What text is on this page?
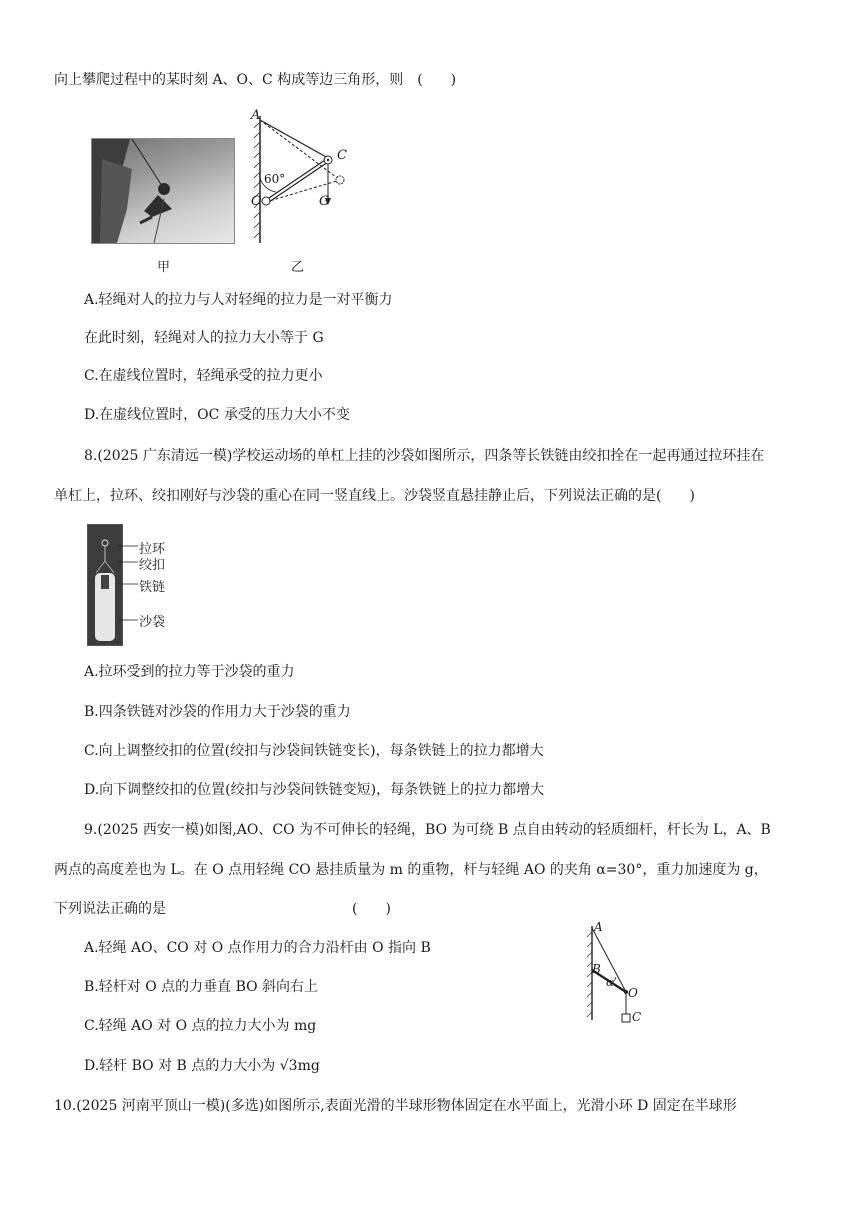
向上攀爬过程中的某时刻 A、O、C 构成等边三角形，则　(　　)
甲
A
C
O	G
60°
乙
A.轻绳对人的拉力与人对轻绳的拉力是一对平衡力
在此时刻，轻绳对人的拉力大小等于 G
C.在虚线位置时，轻绳承受的拉力更小
D.在虚线位置时，OC 承受的压力大小不变
8.(2025 广东清远一模)学校运动场的单杠上挂的沙袋如图所示，四条等长铁链由绞扣拴在一起再通过拉环挂在
单杠上，拉环、绞扣刚好与沙袋的重心在同一竖直线上。沙袋竖直悬挂静止后，下列说法正确的是(　　)
拉环
绞扣
铁链
沙袋
A.拉环受到的拉力等于沙袋的重力
B.四条铁链对沙袋的作用力大于沙袋的重力
C.向上调整绞扣的位置(绞扣与沙袋间铁链变长)，每条铁链上的拉力都增大
D.向下调整绞扣的位置(绞扣与沙袋间铁链变短)，每条铁链上的拉力都增大
9.(2025 西安一模)如图,AO、CO 为不可伸长的轻绳，BO 为可绕 B 点自由转动的轻质细杆，杆长为 L，A、B
两点的高度差也为 L。在 O 点用轻绳 CO 悬挂质量为 m 的重物，杆与轻绳 AO 的夹角 α=30°，重力加速度为 g，
下列说法正确的是	(　　)
A.轻绳 AO、CO 对 O 点作用力的合力沿杆由 O 指向 B
B.轻杆对 O 点的力垂直 BO 斜向右上
C.轻绳 AO 对 O 点的拉力大小为 mg
D.轻杆 BO 对 B 点的力大小为 √3mg
A
B
α
O
C
10.(2025 河南平顶山一模)(多选)如图所示,表面光滑的半球形物体固定在水平面上，光滑小环 D 固定在半球形
